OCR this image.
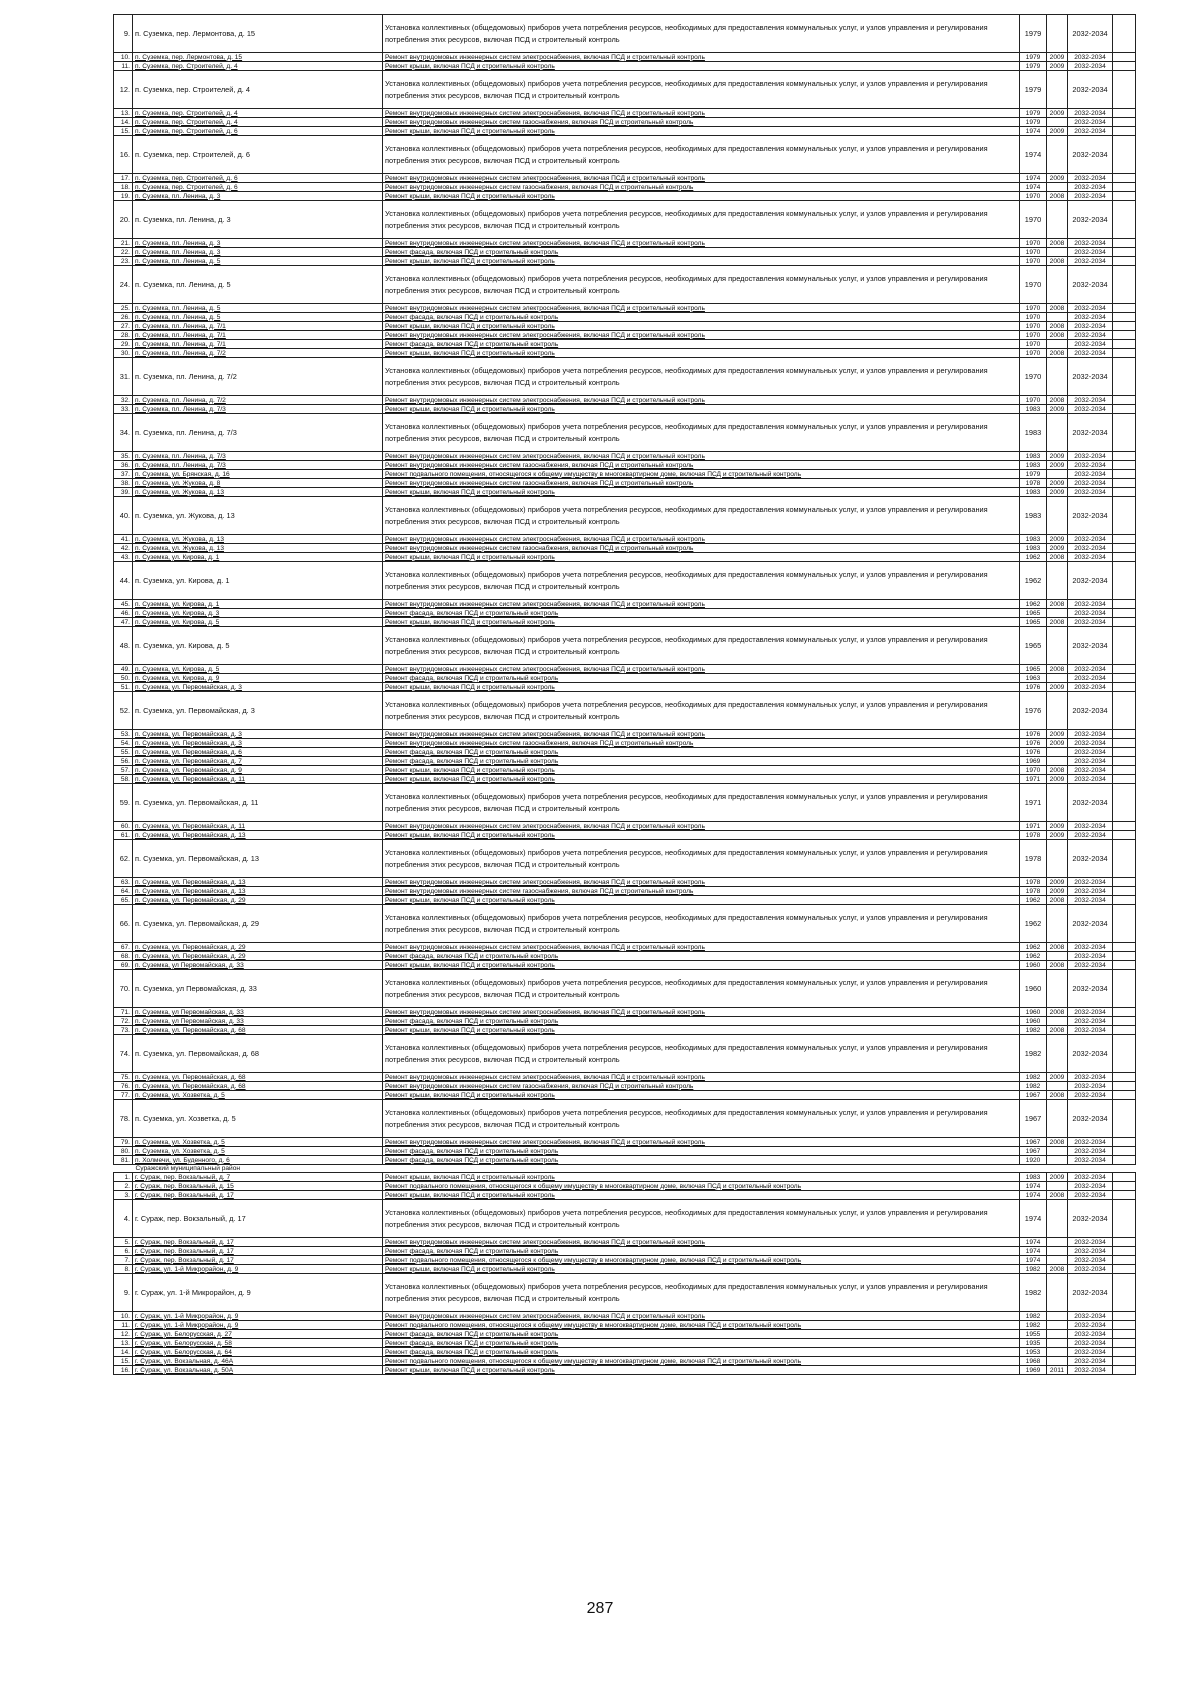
9.	п. Суземка, пер. Лермонтова, д. 15	Установка коллективных (общедомовых) приборов учета потребления ресурсов, необходимых для предоставления коммунальных услуг, и узлов управления и регулирования потребления этих ресурсов, включая ПСД и строительный контроль	1979		2032-2034	
10.	п. Суземка, пер. Лермонтова, д. 15	Ремонт внутридомовых инженерных систем электроснабжения, включая ПСД и строительный контроль	1979	2009	2032-2034	
11.	п. Суземка, пер. Строителей, д. 4	Ремонт крыши, включая ПСД и строительный контроль	1979	2009	2032-2034	
12.	п. Суземка, пер. Строителей, д. 4	Установка коллективных (общедомовых) приборов учета потребления ресурсов, необходимых для предоставления коммунальных услуг, и узлов управления и регулирования потребления этих ресурсов, включая ПСД и строительный контроль	1979		2032-2034	
13.	п. Суземка, пер. Строителей, д. 4	Ремонт внутридомовых инженерных систем электроснабжения, включая ПСД и строительный контроль	1979	2009	2032-2034	
14.	п. Суземка, пер. Строителей, д. 4	Ремонт внутридомовых инженерных систем газоснабжения, включая ПСД и строительный контроль	1979		2032-2034	
15.	п. Суземка, пер. Строителей, д. 6	Ремонт крыши, включая ПСД и строительный контроль	1974	2009	2032-2034	
16.	п. Суземка, пер. Строителей, д. 6	Установка коллективных (общедомовых) приборов учета потребления ресурсов, необходимых для предоставления коммунальных услуг, и узлов управления и регулирования потребления этих ресурсов, включая ПСД и строительный контроль	1974		2032-2034	
17.	п. Суземка, пер. Строителей, д. 6	Ремонт внутридомовых инженерных систем электроснабжения, включая ПСД и строительный контроль	1974	2009	2032-2034	
18.	п. Суземка, пер. Строителей, д. 6	Ремонт внутридомовых инженерных систем газоснабжения, включая ПСД и строительный контроль	1974		2032-2034	
19.	п. Суземка, пл. Ленина, д. 3	Ремонт крыши, включая ПСД и строительный контроль	1970	2008	2032-2034	
20.	п. Суземка, пл. Ленина, д. 3	Установка коллективных (общедомовых) приборов учета потребления ресурсов, необходимых для предоставления коммунальных услуг, и узлов управления и регулирования потребления этих ресурсов, включая ПСД и строительный контроль	1970		2032-2034	
21.	п. Суземка, пл. Ленина, д. 3	Ремонт внутридомовых инженерных систем электроснабжения, включая ПСД и строительный контроль	1970	2008	2032-2034	
22.	п. Суземка, пл. Ленина, д. 3	Ремонт фасада, включая ПСД и строительный контроль	1970		2032-2034	
23.	п. Суземка, пл. Ленина, д. 5	Ремонт крыши, включая ПСД и строительный контроль	1970	2008	2032-2034	
24.	п. Суземка, пл. Ленина, д. 5	Установка коллективных (общедомовых) приборов учета потребления ресурсов, необходимых для предоставления коммунальных услуг, и узлов управления и регулирования потребления этих ресурсов, включая ПСД и строительный контроль	1970		2032-2034	
25.	п. Суземка, пл. Ленина, д. 5	Ремонт внутридомовых инженерных систем электроснабжения, включая ПСД и строительный контроль	1970	2008	2032-2034	
26.	п. Суземка, пл. Ленина, д. 5	Ремонт фасада, включая ПСД и строительный контроль	1970		2032-2034	
27.	п. Суземка, пл. Ленина, д. 7/1	Ремонт крыши, включая ПСД и строительный контроль	1970	2008	2032-2034	
28.	п. Суземка, пл. Ленина, д. 7/1	Ремонт внутридомовых инженерных систем электроснабжения, включая ПСД и строительный контроль	1970	2008	2032-2034	
29.	п. Суземка, пл. Ленина, д. 7/1	Ремонт фасада, включая ПСД и строительный контроль	1970		2032-2034	
30.	п. Суземка, пл. Ленина, д. 7/2	Ремонт крыши, включая ПСД и строительный контроль	1970	2008	2032-2034	
31.	п. Суземка, пл. Ленина, д. 7/2	Установка коллективных (общедомовых) приборов учета потребления ресурсов, необходимых для предоставления коммунальных услуг, и узлов управления и регулирования потребления этих ресурсов, включая ПСД и строительный контроль	1970		2032-2034	
32.	п. Суземка, пл. Ленина, д. 7/2	Ремонт внутридомовых инженерных систем электроснабжения, включая ПСД и строительный контроль	1970	2008	2032-2034	
33.	п. Суземка, пл. Ленина, д. 7/3	Ремонт крыши, включая ПСД и строительный контроль	1983	2009	2032-2034	
34.	п. Суземка, пл. Ленина, д. 7/3	Установка коллективных (общедомовых) приборов учета потребления ресурсов, необходимых для предоставления коммунальных услуг, и узлов управления и регулирования потребления этих ресурсов, включая ПСД и строительный контроль	1983		2032-2034	
35.	п. Суземка, пл. Ленина, д. 7/3	Ремонт внутридомовых инженерных систем электроснабжения, включая ПСД и строительный контроль	1983	2009	2032-2034	
36.	п. Суземка, пл. Ленина, д. 7/3	Ремонт внутридомовых инженерных систем газоснабжения, включая ПСД и строительный контроль	1983	2009	2032-2034	
37.	п. Суземка, ул. Брянская, д. 16	Ремонт подвального помещения, относящегося к общему имуществу в многоквартирном доме, включая ПСД и строительный контроль	1979		2032-2034	
38.	п. Суземка, ул. Жукова, д. 8	Ремонт внутридомовых инженерных систем газоснабжения, включая ПСД и строительный контроль	1978	2009	2032-2034	
39.	п. Суземка, ул. Жукова, д. 13	Ремонт крыши, включая ПСД и строительный контроль	1983	2009	2032-2034	
40.	п. Суземка, ул. Жукова, д. 13	Установка коллективных (общедомовых) приборов учета потребления ресурсов, необходимых для предоставления коммунальных услуг, и узлов управления и регулирования потребления этих ресурсов, включая ПСД и строительный контроль	1983		2032-2034	
41.	п. Суземка, ул. Жукова, д. 13	Ремонт внутридомовых инженерных систем электроснабжения, включая ПСД и строительный контроль	1983	2009	2032-2034	
42.	п. Суземка, ул. Жукова, д. 13	Ремонт внутридомовых инженерных систем газоснабжения, включая ПСД и строительный контроль	1983	2009	2032-2034	
43.	п. Суземка, ул. Кирова, д. 1	Ремонт крыши, включая ПСД и строительный контроль	1962	2008	2032-2034	
44.	п. Суземка, ул. Кирова, д. 1	Установка коллективных (общедомовых) приборов учета потребления ресурсов, необходимых для предоставления коммунальных услуг, и узлов управления и регулирования потребления этих ресурсов, включая ПСД и строительный контроль	1962		2032-2034	
45.	п. Суземка, ул. Кирова, д. 1	Ремонт внутридомовых инженерных систем электроснабжения, включая ПСД и строительный контроль	1962	2008	2032-2034	
46.	п. Суземка, ул. Кирова, д. 3	Ремонт фасада, включая ПСД и строительный контроль	1965		2032-2034	
47.	п. Суземка, ул. Кирова, д. 5	Ремонт крыши, включая ПСД и строительный контроль	1965	2008	2032-2034	
48.	п. Суземка, ул. Кирова, д. 5	Установка коллективных (общедомовых) приборов учета потребления ресурсов, необходимых для предоставления коммунальных услуг, и узлов управления и регулирования потребления этих ресурсов, включая ПСД и строительный контроль	1965		2032-2034	
49.	п. Суземка, ул. Кирова, д. 5	Ремонт внутридомовых инженерных систем электроснабжения, включая ПСД и строительный контроль	1965	2008	2032-2034	
50.	п. Суземка, ул. Кирова, д. 9	Ремонт фасада, включая ПСД и строительный контроль	1963		2032-2034	
51.	п. Суземка, ул. Первомайская, д. 3	Ремонт крыши, включая ПСД и строительный контроль	1976	2009	2032-2034	
52.	п. Суземка, ул. Первомайская, д. 3	Установка коллективных (общедомовых) приборов учета потребления ресурсов, необходимых для предоставления коммунальных услуг, и узлов управления и регулирования потребления этих ресурсов, включая ПСД и строительный контроль	1976		2032-2034	
53.	п. Суземка, ул. Первомайская, д. 3	Ремонт внутридомовых инженерных систем электроснабжения, включая ПСД и строительный контроль	1976	2009	2032-2034	
54.	п. Суземка, ул. Первомайская, д. 3	Ремонт внутридомовых инженерных систем газоснабжения, включая ПСД и строительный контроль	1976	2009	2032-2034	
55.	п. Суземка, ул. Первомайская, д. 6	Ремонт фасада, включая ПСД и строительный контроль	1976		2032-2034	
56.	п. Суземка, ул. Первомайская, д. 7	Ремонт фасада, включая ПСД и строительный контроль	1969		2032-2034	
57.	п. Суземка, ул. Первомайская, д. 9	Ремонт крыши, включая ПСД и строительный контроль	1970	2008	2032-2034	
58.	п. Суземка, ул. Первомайская, д. 11	Ремонт крыши, включая ПСД и строительный контроль	1971	2009	2032-2034	
59.	п. Суземка, ул. Первомайская, д. 11	Установка коллективных (общедомовых) приборов учета потребления ресурсов, необходимых для предоставления коммунальных услуг, и узлов управления и регулирования потребления этих ресурсов, включая ПСД и строительный контроль	1971		2032-2034	
60.	п. Суземка, ул. Первомайская, д. 11	Ремонт внутридомовых инженерных систем электроснабжения, включая ПСД и строительный контроль	1971	2009	2032-2034	
61.	п. Суземка, ул. Первомайская, д. 13	Ремонт крыши, включая ПСД и строительный контроль	1978	2009	2032-2034	
62.	п. Суземка, ул. Первомайская, д. 13	Установка коллективных (общедомовых) приборов учета потребления ресурсов, необходимых для предоставления коммунальных услуг, и узлов управления и регулирования потребления этих ресурсов, включая ПСД и строительный контроль	1978		2032-2034	
63.	п. Суземка, ул. Первомайская, д. 13	Ремонт внутридомовых инженерных систем электроснабжения, включая ПСД и строительный контроль	1978	2009	2032-2034	
64.	п. Суземка, ул. Первомайская, д. 13	Ремонт внутридомовых инженерных систем газоснабжения, включая ПСД и строительный контроль	1978	2009	2032-2034	
65.	п. Суземка, ул. Первомайская, д. 29	Ремонт крыши, включая ПСД и строительный контроль	1962	2008	2032-2034	
66.	п. Суземка, ул. Первомайская, д. 29	Установка коллективных (общедомовых) приборов учета потребления ресурсов, необходимых для предоставления коммунальных услуг, и узлов управления и регулирования потребления этих ресурсов, включая ПСД и строительный контроль	1962		2032-2034	
67.	п. Суземка, ул. Первомайская, д. 29	Ремонт внутридомовых инженерных систем электроснабжения, включая ПСД и строительный контроль	1962	2008	2032-2034	
68.	п. Суземка, ул. Первомайская, д. 29	Ремонт фасада, включая ПСД и строительный контроль	1962		2032-2034	
69.	п. Суземка, ул Первомайская, д. 33	Ремонт крыши, включая ПСД и строительный контроль	1960	2008	2032-2034	
70.	п. Суземка, ул Первомайская, д. 33	Установка коллективных (общедомовых) приборов учета потребления ресурсов, необходимых для предоставления коммунальных услуг, и узлов управления и регулирования потребления этих ресурсов, включая ПСД и строительный контроль	1960		2032-2034	
71.	п. Суземка, ул Первомайская, д. 33	Ремонт внутридомовых инженерных систем электроснабжения, включая ПСД и строительный контроль	1960	2008	2032-2034	
72.	п. Суземка, ул Первомайская, д. 33	Ремонт фасада, включая ПСД и строительный контроль	1960		2032-2034	
73.	п. Суземка, ул. Первомайская, д. 68	Ремонт крыши, включая ПСД и строительный контроль	1982	2008	2032-2034	
74.	п. Суземка, ул. Первомайская, д. 68	Установка коллективных (общедомовых) приборов учета потребления ресурсов, необходимых для предоставления коммунальных услуг, и узлов управления и регулирования потребления этих ресурсов, включая ПСД и строительный контроль	1982		2032-2034	
75.	п. Суземка, ул. Первомайская, д. 68	Ремонт внутридомовых инженерных систем электроснабжения, включая ПСД и строительный контроль	1982	2009	2032-2034	
76.	п. Суземка, ул. Первомайская, д. 68	Ремонт внутридомовых инженерных систем газоснабжения, включая ПСД и строительный контроль	1982		2032-2034	
77.	п. Суземка, ул. Хозветка, д. 5	Ремонт крыши, включая ПСД и строительный контроль	1967	2008	2032-2034	
78.	п. Суземка, ул. Хозветка, д. 5	Установка коллективных (общедомовых) приборов учета потребления ресурсов, необходимых для предоставления коммунальных услуг, и узлов управления и регулирования потребления этих ресурсов, включая ПСД и строительный контроль	1967		2032-2034	
79.	п. Суземка, ул. Хозветка, д. 5	Ремонт внутридомовых инженерных систем электроснабжения, включая ПСД и строительный контроль	1967	2008	2032-2034	
80.	п. Суземка, ул. Хозветка, д. 5	Ремонт фасада, включая ПСД и строительный контроль	1967		2032-2034	
81.	п. Холмечи, ул. Буденного, д. 6	Ремонт фасада, включая ПСД и строительный контроль	1920		2032-2034	
	Суражский муниципальный район					
1.	г. Сураж, пер. Вокзальный, д. 7	Ремонт крыши, включая ПСД и строительный контроль	1983	2009	2032-2034	
2.	г. Сураж, пер. Вокзальный, д. 15	Ремонт подвального помещения, относящегося к общему имуществу в многоквартирном доме, включая ПСД и строительный контроль	1974		2032-2034	
3.	г. Сураж, пер. Вокзальный, д. 17	Ремонт крыши, включая ПСД и строительный контроль	1974	2008	2032-2034	
4.	г. Сураж, пер. Вокзальный, д. 17	Установка коллективных (общедомовых) приборов учета потребления ресурсов, необходимых для предоставления коммунальных услуг, и узлов управления и регулирования потребления этих ресурсов, включая ПСД и строительный контроль	1974		2032-2034	
5.	г. Сураж, пер. Вокзальный, д. 17	Ремонт внутридомовых инженерных систем электроснабжения, включая ПСД и строительный контроль	1974		2032-2034	
6.	г. Сураж, пер. Вокзальный, д. 17	Ремонт фасада, включая ПСД и строительный контроль	1974		2032-2034	
7.	г. Сураж, пер. Вокзальный, д. 17	Ремонт подвального помещения, относящегося к общему имуществу в многоквартирном доме, включая ПСД и строительный контроль	1974		2032-2034	
8.	г. Сураж, ул. 1-й Микрорайон, д. 9	Ремонт крыши, включая ПСД и строительный контроль	1982	2008	2032-2034	
9.	г. Сураж, ул. 1-й Микрорайон, д. 9	Установка коллективных (общедомовых) приборов учета потребления ресурсов, необходимых для предоставления коммунальных услуг, и узлов управления и регулирования потребления этих ресурсов, включая ПСД и строительный контроль	1982		2032-2034	
10.	г. Сураж, ул. 1-й Микрорайон, д. 9	Ремонт внутридомовых инженерных систем электроснабжения, включая ПСД и строительный контроль	1982		2032-2034	
11.	г. Сураж, ул. 1-й Микрорайон, д. 9	Ремонт подвального помещения, относящегося к общему имуществу в многоквартирном доме, включая ПСД и строительный контроль	1982		2032-2034	
12.	г. Сураж, ул. Белорусская, д. 27	Ремонт фасада, включая ПСД и строительный контроль	1955		2032-2034	
13.	г. Сураж, ул. Белорусская, д. 58	Ремонт фасада, включая ПСД и строительный контроль	1935		2032-2034	
14.	г. Сураж, ул. Белорусская, д. 64	Ремонт фасада, включая ПСД и строительный контроль	1953		2032-2034	
15.	г. Сураж, ул. Вокзальная, д. 46А	Ремонт подвального помещения, относящегося к общему имуществу в многоквартирном доме, включая ПСД и строительный контроль	1968		2032-2034	
16.	г. Сураж, ул. Вокзальная, д. 50А	Ремонт крыши, включая ПСД и строительный контроль	1969	2011	2032-2034	
287
